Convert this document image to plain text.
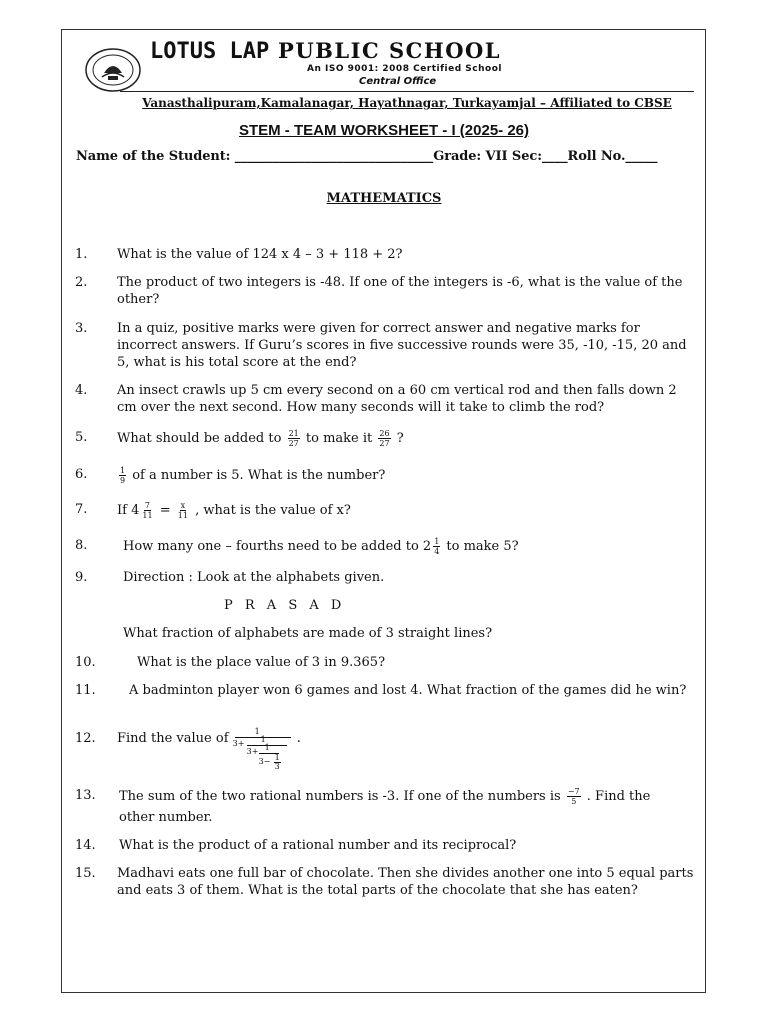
LOTUS LAP PUBLIC SCHOOL
An ISO 9001: 2008 Certified School
Central Office
Vanasthalipuram,Kamalanagar, Hayathnagar, Turkayamjal – Affiliated to CBSE
STEM - TEAM WORKSHEET - I (2025- 26)
Name of the Student: _______________________________Grade: VII Sec:____Roll No._____
MATHEMATICS
1. What is the value of 124 x 4 – 3 + 118 + 2?
2. The product of two integers is -48. If one of the integers is -6, what is the value of the other?
3. In a quiz, positive marks were given for correct answer and negative marks for incorrect answers. If Guru’s scores in five successive rounds were 35, -10, -15, 20 and 5, what is his total score at the end?
4. An insect crawls up 5 cm every second on a 60 cm vertical rod and then falls down 2 cm over the next second. How many seconds will it take to climb the rod?
5. What should be added to $\frac{21}{27}$ to make it $\frac{26}{27}$ ?
6.	$\frac{1}{9}$ of a number is 5. What is the number?
7. If $4 \frac{7}{11} = \frac{x}{11}$ , what is the value of x?
8.	How many one – fourths need to be added to $2 \frac{1}{4}$ to make 5?
9.	Direction : Look at the alphabets given.
P R A S A D
What fraction of alphabets are made of 3 straight lines?
10.	What is the place value of 3 in 9.365?
11.	A badminton player won 6 games and lost 4. What fraction of the games did he win?
12. Find the value of	1
3+ 1
3+ 1
3− 1
3
.
13. The sum of the two rational numbers is -3. If one of the numbers is $\frac{-7}{5}$ . Find the
other number.
14. What is the product of a rational number and its reciprocal?
15. Madhavi eats one full bar of chocolate. Then she divides another one into 5 equal parts and eats 3 of them. What is the total parts of the chocolate that she has eaten?
